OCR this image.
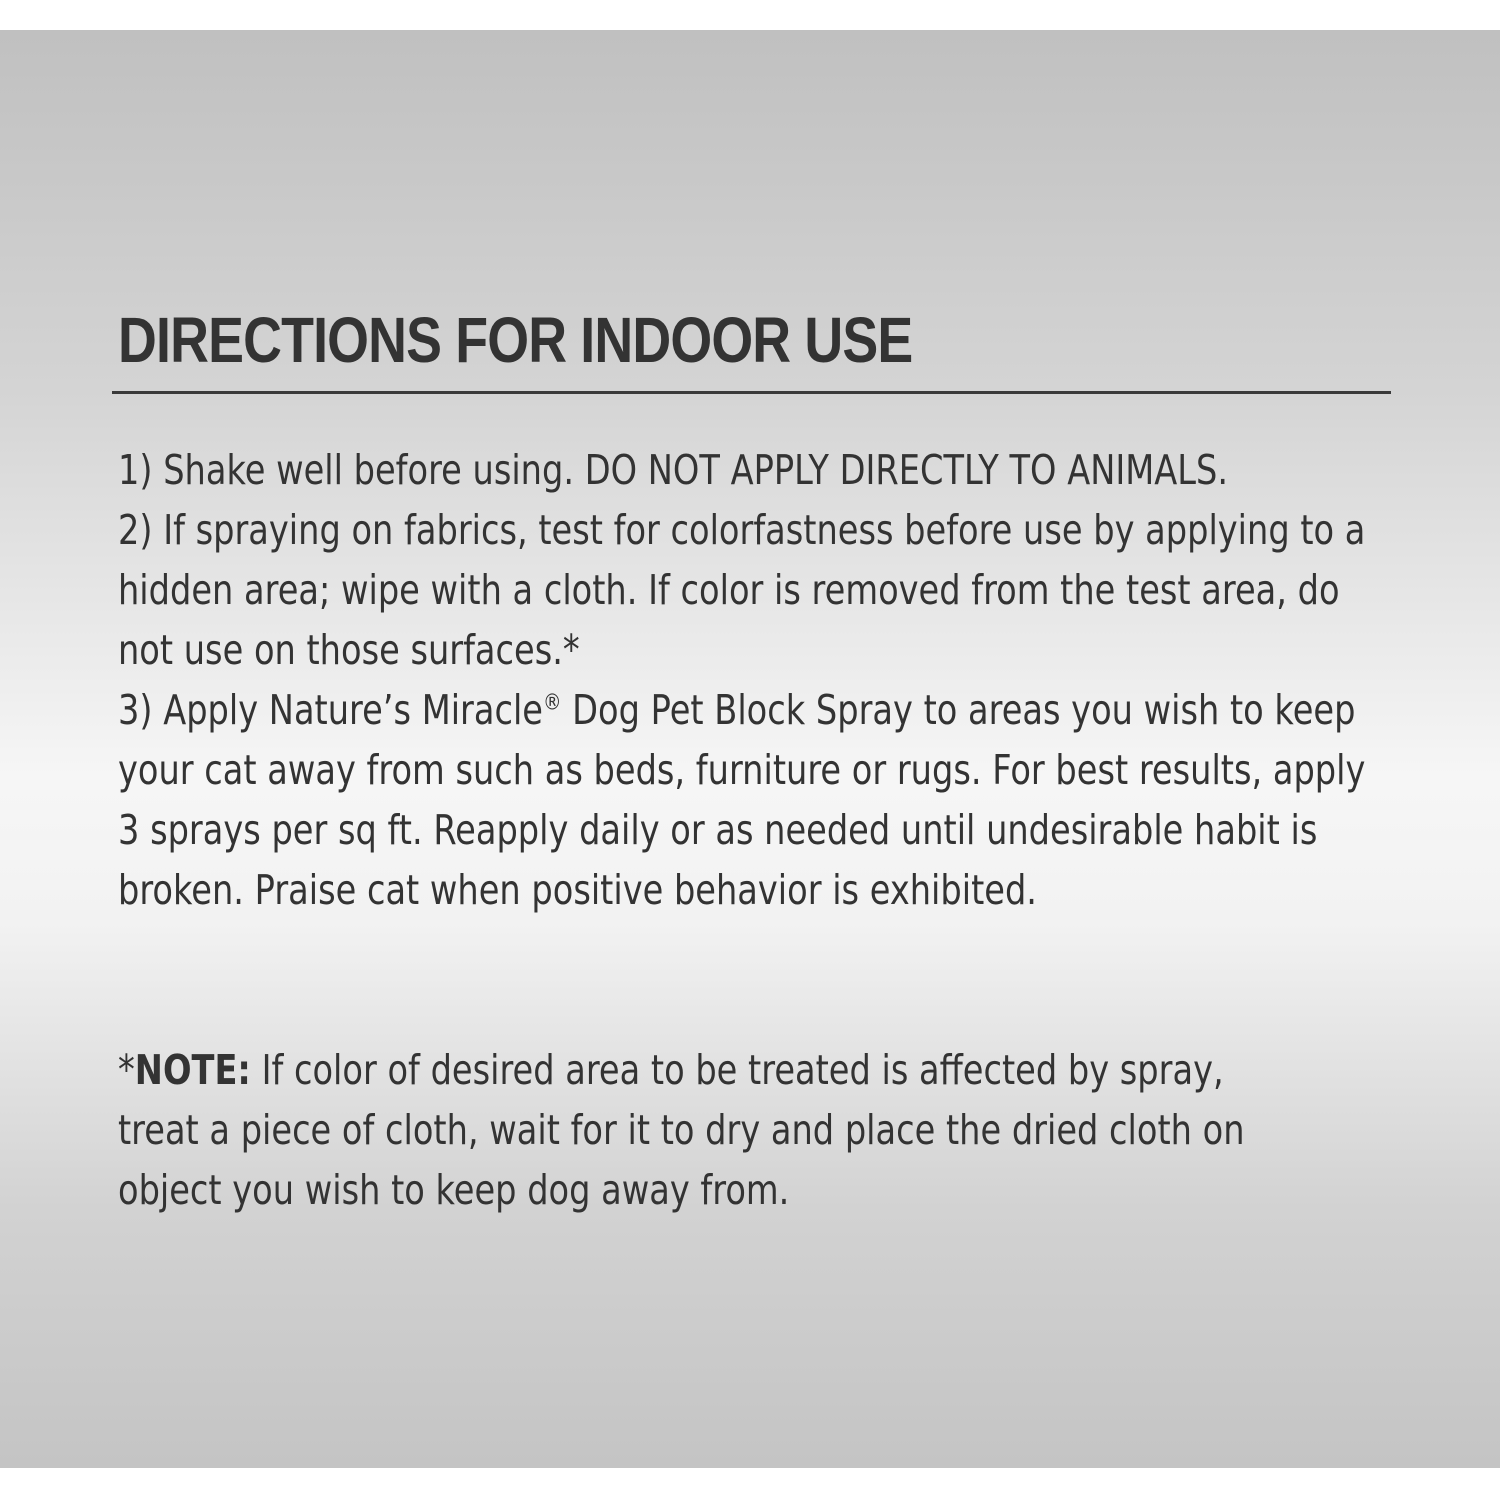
DIRECTIONS FOR INDOOR USE

1) Shake well before using. DO NOT APPLY DIRECTLY TO ANIMALS.

2) If spraying on fabrics, test for colorfastness before use by applying to a hidden area; wipe with a cloth. If color is removed from the test area, do not use on those surfaces.*

3) Apply Nature’s Miracle® Dog Pet Block Spray to areas you wish to keep your cat away from such as beds, furniture or rugs. For best results, apply 3 sprays per sq ft. Reapply daily or as needed until undesirable habit is broken. Praise cat when positive behavior is exhibited.

*NOTE: If color of desired area to be treated is affected by spray, treat a piece of cloth, wait for it to dry and place the dried cloth on object you wish to keep dog away from.
